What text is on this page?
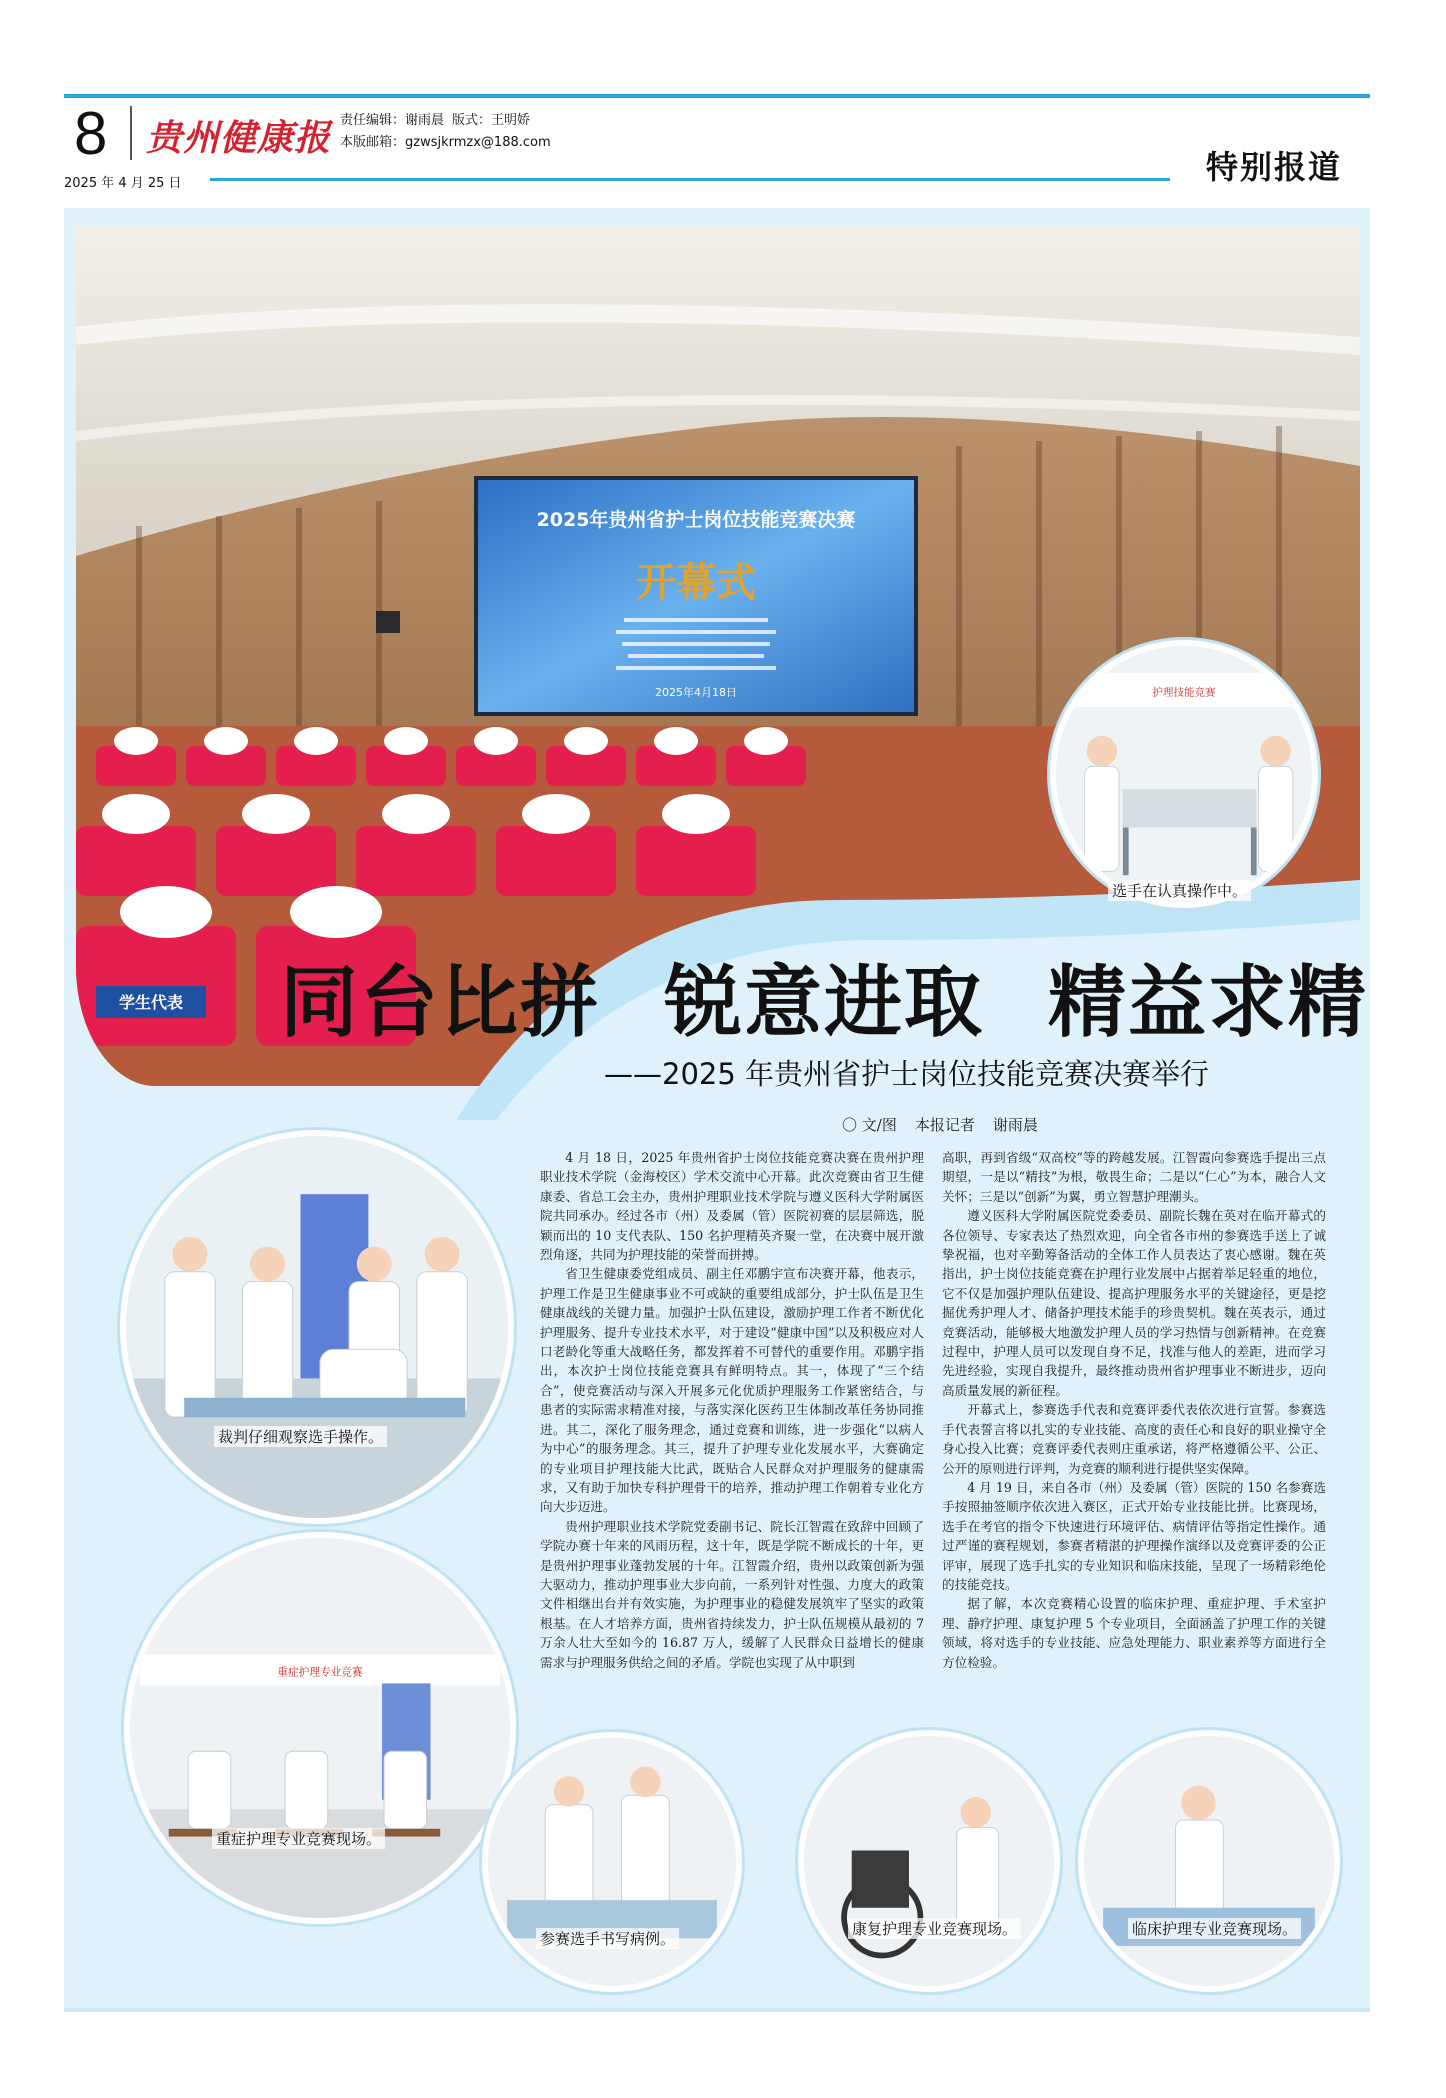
8 贵州健康报 责任编辑：谢雨晨 版式：王明娇
本版邮箱：gzwsjkrmzx@188.com
2025 年 4 月 25 日	特别报道
2025年贵州省护士岗位技能竞赛决赛
开幕式
2025年4月18日
学生代表
护理技能竞赛
选手在认真操作中。
同台比拼 锐意进取 精益求精
——2025 年贵州省护士岗位技能竞赛决赛举行
〇 文/图 本报记者 谢雨晨
裁判仔细观察选手操作。
重症护理专业竞赛
重症护理专业竞赛现场。
参赛选手书写病例。
康复护理专业竞赛现场。	临床护理专业竞赛现场。

4 月 18 日，2025 年贵州省护士岗位技能竞赛决赛在贵州护理职业技术学院（金海校区）学术交流中心开幕。此次竞赛由省卫生健康委、省总工会主办，贵州护理职业技术学院与遵义医科大学附属医院共同承办。经过各市（州）及委属（管）医院初赛的层层筛选，脱颖而出的 10 支代表队、150 名护理精英齐聚一堂，在决赛中展开激烈角逐，共同为护理技能的荣誉而拼搏。

省卫生健康委党组成员、副主任邓鹏宇宣布决赛开幕，他表示，护理工作是卫生健康事业不可或缺的重要组成部分，护士队伍是卫生健康战线的关键力量。加强护士队伍建设，激励护理工作者不断优化护理服务、提升专业技术水平，对于建设“健康中国”以及积极应对人口老龄化等重大战略任务，都发挥着不可替代的重要作用。邓鹏宇指出，本次护士岗位技能竞赛具有鲜明特点。其一，体现了“三个结合”，使竞赛活动与深入开展多元化优质护理服务工作紧密结合，与患者的实际需求精准对接，与落实深化医药卫生体制改革任务协同推进。其二，深化了服务理念，通过竞赛和训练，进一步强化“以病人为中心”的服务理念。其三，提升了护理专业化发展水平，大赛确定的专业项目护理技能大比武，既贴合人民群众对护理服务的健康需求，又有助于加快专科护理骨干的培养，推动护理工作朝着专业化方向大步迈进。

贵州护理职业技术学院党委副书记、院长江智霞在致辞中回顾了学院办赛十年来的风雨历程，这十年，既是学院不断成长的十年，更是贵州护理事业蓬勃发展的十年。江智霞介绍，贵州以政策创新为强大驱动力，推动护理事业大步向前，一系列针对性强、力度大的政策文件相继出台并有效实施，为护理事业的稳健发展筑牢了坚实的政策根基。在人才培养方面，贵州省持续发力，护士队伍规模从最初的 7 万余人壮大至如今的 16.87 万人，缓解了人民群众日益增长的健康需求与护理服务供给之间的矛盾。学院也实现了从中职到

高职，再到省级“双高校”等的跨越发展。江智霞向参赛选手提出三点期望，一是以“精技”为根，敬畏生命；二是以“仁心”为本，融合人文关怀；三是以“创新”为翼，勇立智慧护理潮头。

遵义医科大学附属医院党委委员、副院长魏在英对在临开幕式的各位领导、专家表达了热烈欢迎，向全省各市州的参赛选手送上了诚挚祝福，也对辛勤筹备活动的全体工作人员表达了衷心感谢。魏在英指出，护士岗位技能竞赛在护理行业发展中占据着举足轻重的地位，它不仅是加强护理队伍建设、提高护理服务水平的关键途径，更是挖掘优秀护理人才、储备护理技术能手的珍贵契机。魏在英表示，通过竞赛活动，能够极大地激发护理人员的学习热情与创新精神。在竞赛过程中，护理人员可以发现自身不足，找准与他人的差距，进而学习先进经验，实现自我提升，最终推动贵州省护理事业不断进步，迈向高质量发展的新征程。

开幕式上，参赛选手代表和竞赛评委代表依次进行宣誓。参赛选手代表誓言将以扎实的专业技能、高度的责任心和良好的职业操守全身心投入比赛；竞赛评委代表则庄重承诺，将严格遵循公平、公正、公开的原则进行评判，为竞赛的顺利进行提供坚实保障。

4 月 19 日，来自各市（州）及委属（管）医院的 150 名参赛选手按照抽签顺序依次进入赛区，正式开始专业技能比拼。比赛现场，选手在考官的指令下快速进行环境评估、病情评估等指定性操作。通过严谨的赛程规划，参赛者精湛的护理操作演绎以及竞赛评委的公正评审，展现了选手扎实的专业知识和临床技能，呈现了一场精彩绝伦的技能竞技。

据了解，本次竞赛精心设置的临床护理、重症护理、手术室护理、静疗护理、康复护理 5 个专业项目，全面涵盖了护理工作的关键领域，将对选手的专业技能、应急处理能力、职业素养等方面进行全方位检验。
